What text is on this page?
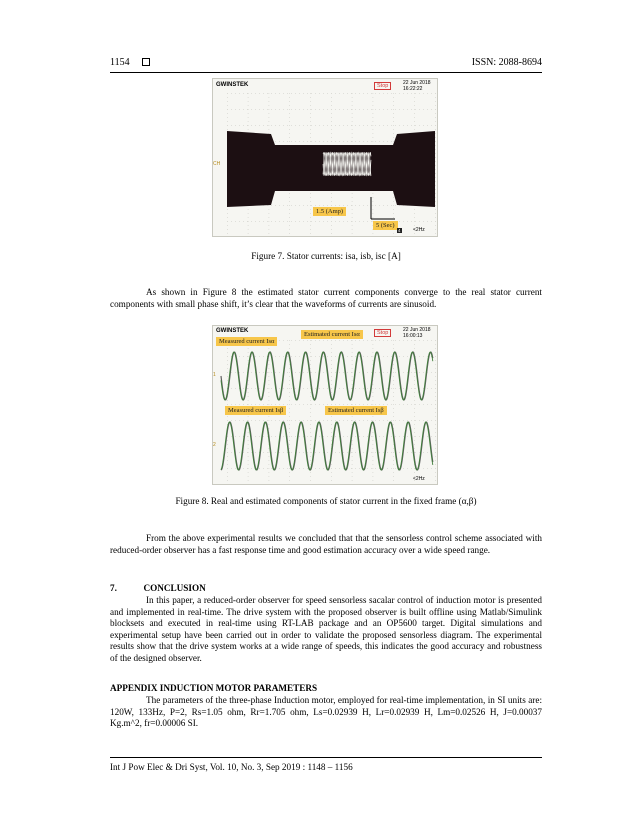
1154	ISSN: 2088-8694
GWINSTEK	Stop	22 Jun 2018
16:22:22
CH
1.5 (Amp)
5 (Sec)
4 <2Hz
Figure 7. Stator currents: isa, isb, isc [A]
As shown in Figure 8 the estimated stator current components converge to the real stator current components with small phase shift, it’s clear that the waveforms of currents are sinusoid.
GWINSTEK	Stop	22 Jun 2018
16:00:13
Measured current Isα
Estimated current Isα
Measured current Isβ	Estimated current Isβ
1
2
<2Hz
Figure 8. Real and estimated components of stator current in the fixed frame (α,β)
From the above experimental results we concluded that that the sensorless control scheme associated with reduced-order observer has a fast response time and good estimation accuracy over a wide speed range.
7.	CONCLUSION
In this paper, a reduced-order observer for speed sensorless sacalar control of induction motor is presented and implemented in real-time. The drive system with the proposed observer is built offline using Matlab/Simulink blocksets and executed in real-time using RT-LAB package and an OP5600 target. Digital simulations and experimental setup have been carried out in order to validate the proposed sensorless diagram. The experimental results show that the drive system works at a wide range of speeds, this indicates the good accuracy and robustness of the designed observer.
APPENDIX INDUCTION MOTOR PARAMETERS
The parameters of the three-phase Induction motor, employed for real-time implementation, in SI units are: 120W, 133Hz, P=2, Rs=1.05 ohm, Rr=1.705 ohm, Ls=0.02939 H, Lr=0.02939 H, Lm=0.02526 H, J=0.00037 Kg.m^2, fr=0.00006 SI.
Int J Pow Elec & Dri Syst, Vol. 10, No. 3, Sep 2019 : 1148 – 1156
